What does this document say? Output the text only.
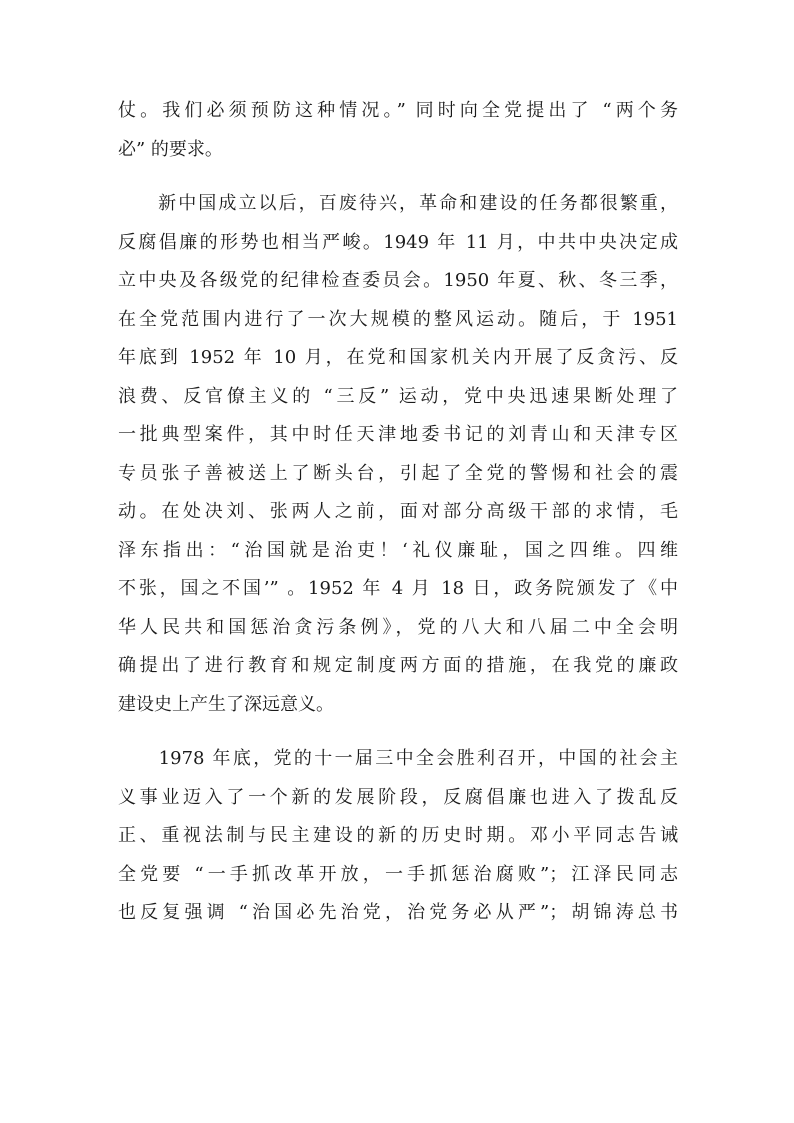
仗。我们必须预防这种情况。” 同时向全党提出了 “两个务
必” 的要求。
　　新中国成立以后，百废待兴，革命和建设的任务都很繁重，
反腐倡廉的形势也相当严峻。1949 年 11 月，中共中央决定成
立中央及各级党的纪律检查委员会。1950 年夏、秋、冬三季，
在全党范围内进行了一次大规模的整风运动。随后，于 1951
年底到 1952 年 10 月，在党和国家机关内开展了反贪污、反
浪费、反官僚主义的 “三反” 运动，党中央迅速果断处理了
一批典型案件，其中时任天津地委书记的刘青山和天津专区
专员张子善被送上了断头台，引起了全党的警惕和社会的震
动。在处决刘、张两人之前，面对部分高级干部的求情，毛
泽东指出：“治国就是治吏！‘礼仪廉耻，国之四维。四维
不张，国之不国’” 。1952 年 4 月 18 日，政务院颁发了《中
华人民共和国惩治贪污条例》，党的八大和八届二中全会明
确提出了进行教育和规定制度两方面的措施，在我党的廉政
建设史上产生了深远意义。
　　1978 年底，党的十一届三中全会胜利召开，中国的社会主
义事业迈入了一个新的发展阶段，反腐倡廉也进入了拨乱反
正、重视法制与民主建设的新的历史时期。邓小平同志告诫
全党要 “一手抓改革开放，一手抓惩治腐败”；江泽民同志
也反复强调 “治国必先治党，治党务必从严”；胡锦涛总书
